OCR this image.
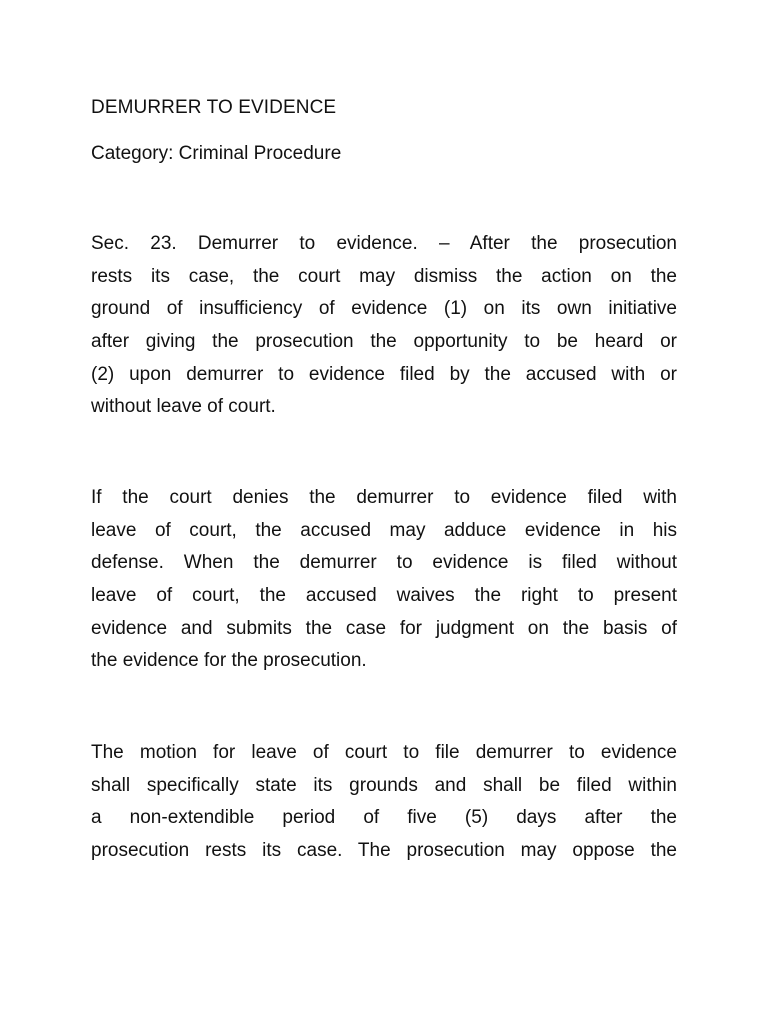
DEMURRER TO EVIDENCE
Category: Criminal Procedure
Sec. 23. Demurrer to evidence. – After the prosecution
rests its case, the court may dismiss the action on the
ground of insufficiency of evidence (1) on its own initiative
after giving the prosecution the opportunity to be heard or
(2) upon demurrer to evidence filed by the accused with or
without leave of court.
If the court denies the demurrer to evidence filed with
leave of court, the accused may adduce evidence in his
defense. When the demurrer to evidence is filed without
leave of court, the accused waives the right to present
evidence and submits the case for judgment on the basis of
the evidence for the prosecution.
The motion for leave of court to file demurrer to evidence
shall specifically state its grounds and shall be filed within
a non-extendible period of five (5) days after the
prosecution rests its case. The prosecution may oppose the
